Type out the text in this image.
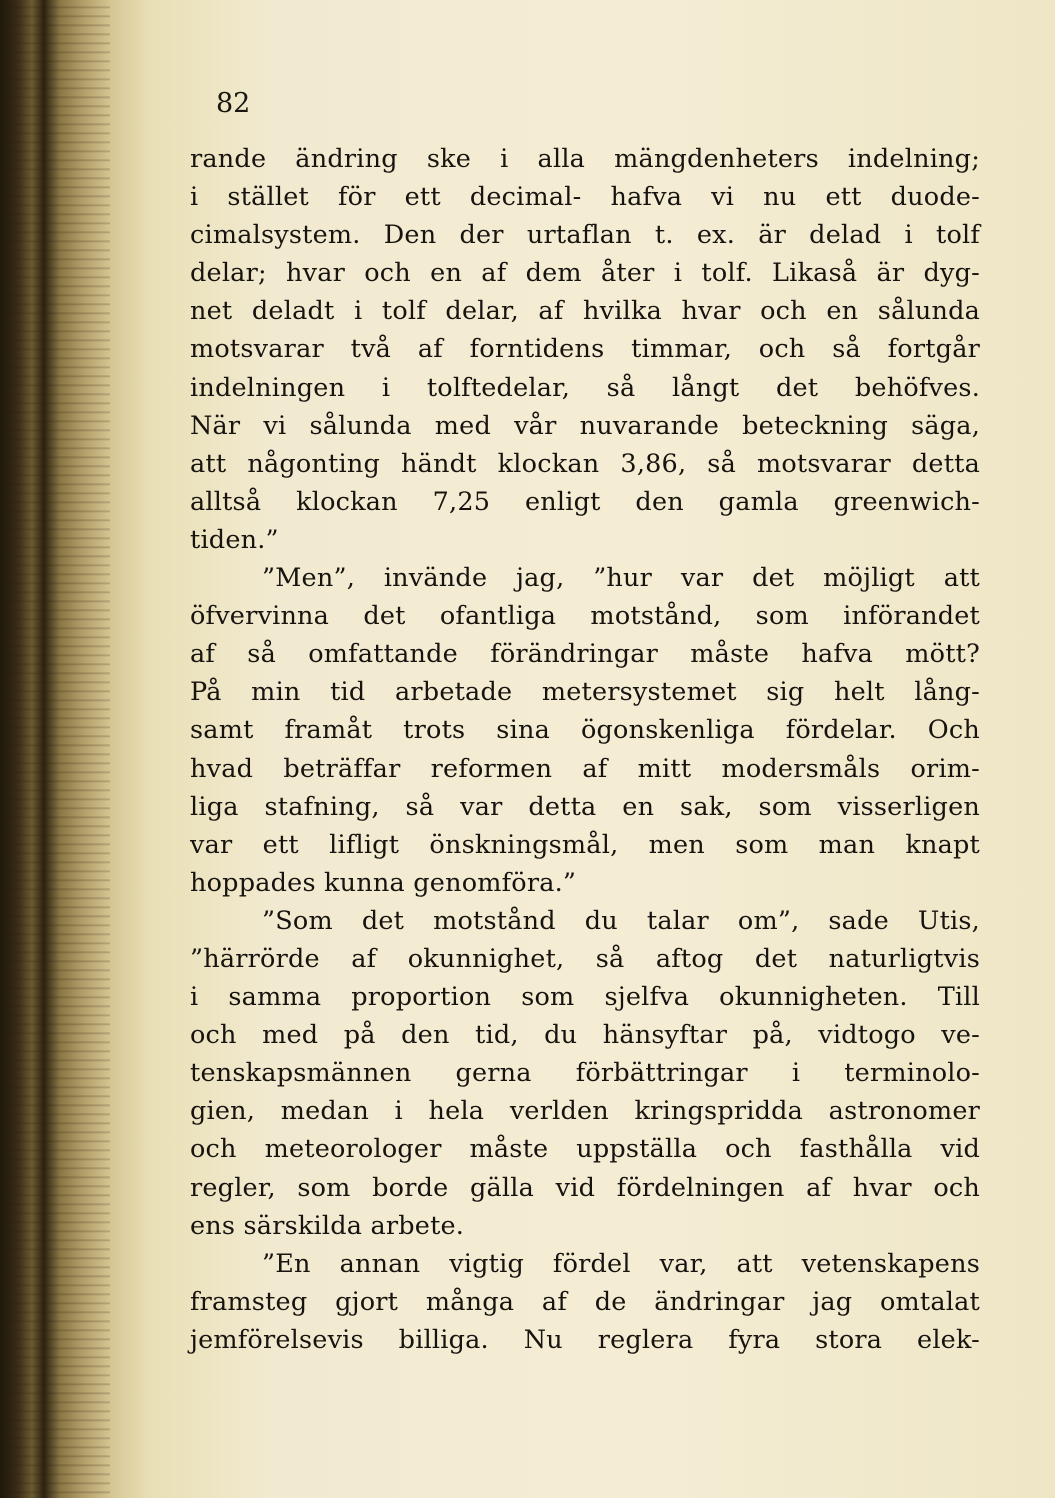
82
rande ändring ske i alla mängdenheters indelning;
i stället för ett decimal- hafva vi nu ett duode-
cimalsystem. Den der urtaflan t. ex. är delad i tolf
delar; hvar och en af dem åter i tolf. Likaså är dyg-
net deladt i tolf delar, af hvilka hvar och en sålunda
motsvarar två af forntidens timmar, och så fortgår
indelningen i tolftedelar, så långt det behöfves.
När vi sålunda med vår nuvarande beteckning säga,
att någonting händt klockan 3,86, så motsvarar detta
alltså klockan 7,25 enligt den gamla greenwich-
tiden.”
”Men”, invände jag, ”hur var det möjligt att
öfvervinna det ofantliga motstånd, som införandet
af så omfattande förändringar måste hafva mött?
På min tid arbetade metersystemet sig helt lång-
samt framåt trots sina ögonskenliga fördelar. Och
hvad beträffar reformen af mitt modersmåls orim-
liga stafning, så var detta en sak, som visserligen
var ett lifligt önskningsmål, men som man knapt
hoppades kunna genomföra.”
”Som det motstånd du talar om”, sade Utis,
”härrörde af okunnighet, så aftog det naturligtvis
i samma proportion som sjelfva okunnigheten. Till
och med på den tid, du hänsyftar på, vidtogo ve-
tenskapsmännen gerna förbättringar i terminolo-
gien, medan i hela verlden kringspridda astronomer
och meteorologer måste uppställa och fasthålla vid
regler, som borde gälla vid fördelningen af hvar och
ens särskilda arbete.
”En annan vigtig fördel var, att vetenskapens
framsteg gjort många af de ändringar jag omtalat
jemförelsevis billiga. Nu reglera fyra stora elek-
